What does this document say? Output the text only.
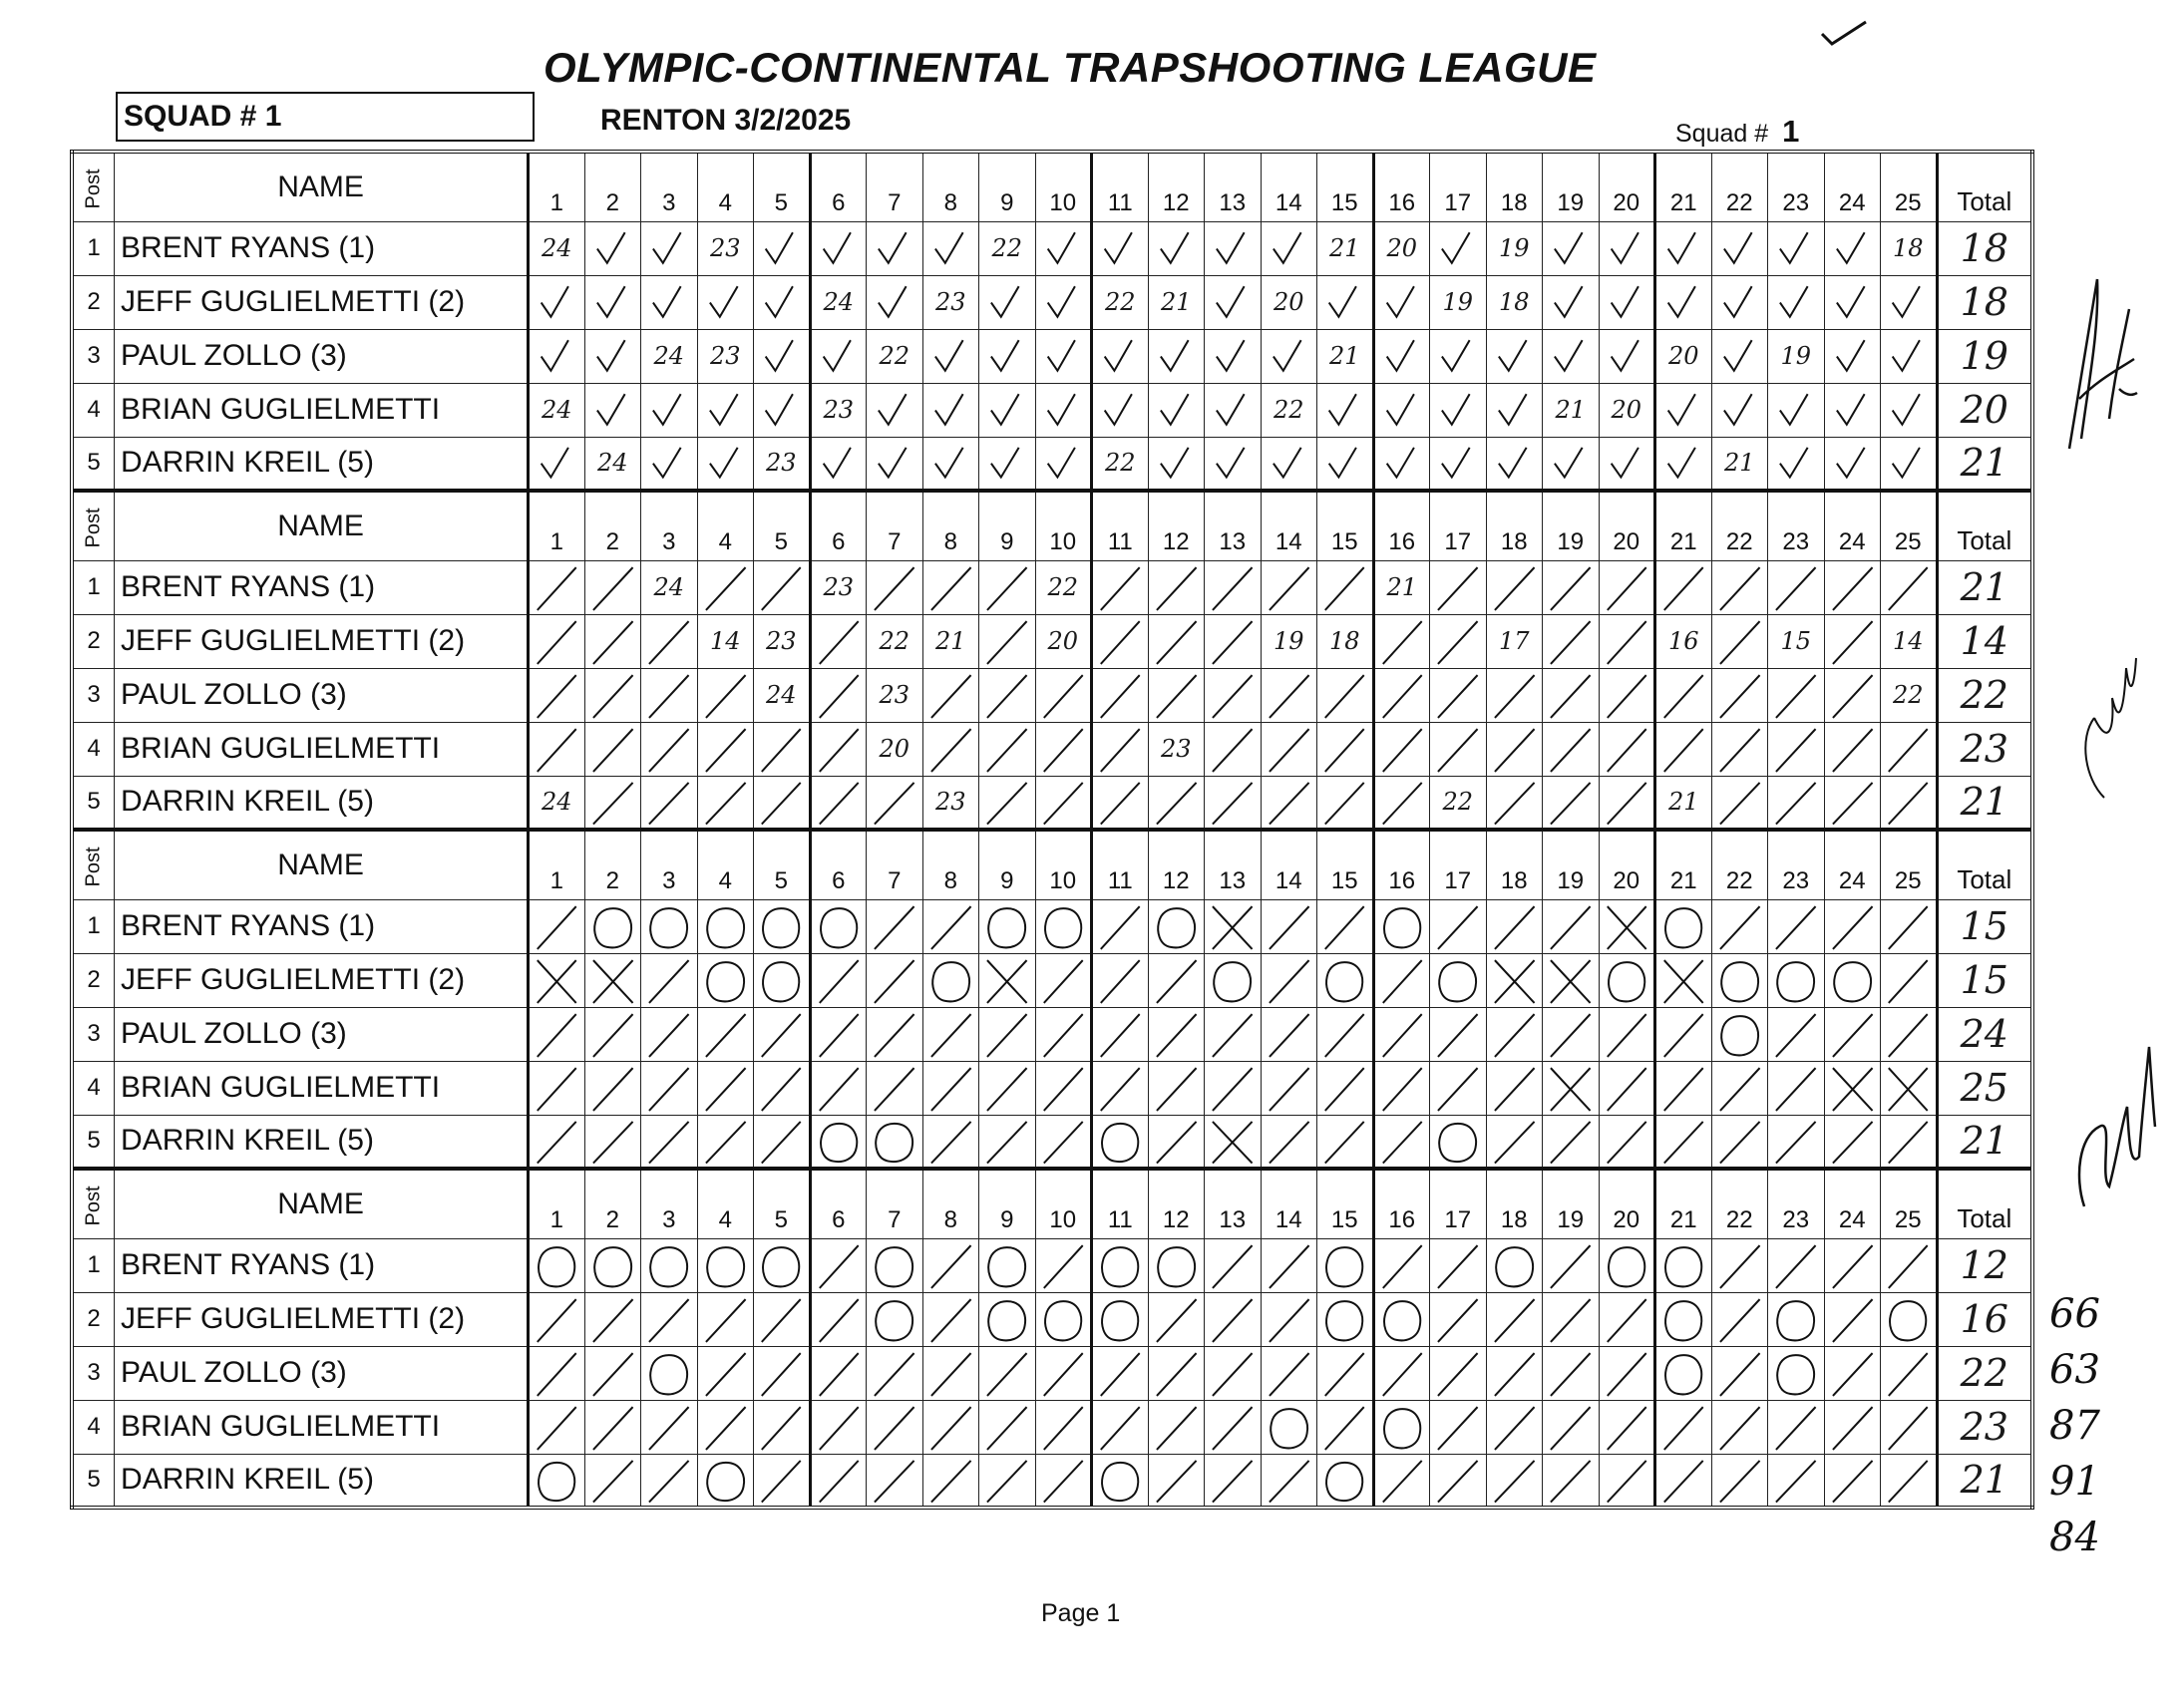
OLYMPIC-CONTINENTAL TRAPSHOOTING LEAGUE
SQUAD # 1	RENTON 3/2/2025	Squad # 1
Post	NAME	1	2	3	4	5	6	7	8	9	10	11	12	13	14	15	16	17	18	19	20	21	22	23	24	25	Total
1	BRENT RYANS (1)	24			23					22						21	20		19							18	18
2	JEFF GUGLIELMETTI (2)						24		23			22	21		20			19	18								18
3	PAUL ZOLLO (3)			24	23			22								21						20		19			19
4	BRIAN GUGLIELMETTI	24					23								22					21	20						20
5	DARRIN KREIL (5)		24			23						22											21				21
Post	NAME	1	2	3	4	5	6	7	8	9	10	11	12	13	14	15	16	17	18	19	20	21	22	23	24	25	Total
1	BRENT RYANS (1)			24			23				22						21										21
2	JEFF GUGLIELMETTI (2)				14	23		22	21		20				19	18			17			16		15		14	14
3	PAUL ZOLLO (3)					24		23																		22	22
4	BRIAN GUGLIELMETTI							20					23														23
5	DARRIN KREIL (5)	24							23									22				21					21
Post	NAME	1	2	3	4	5	6	7	8	9	10	11	12	13	14	15	16	17	18	19	20	21	22	23	24	25	Total
1	BRENT RYANS (1)																										15
2	JEFF GUGLIELMETTI (2)																										15
3	PAUL ZOLLO (3)																										24
4	BRIAN GUGLIELMETTI																										25
5	DARRIN KREIL (5)																										21
Post	NAME	1	2	3	4	5	6	7	8	9	10	11	12	13	14	15	16	17	18	19	20	21	22	23	24	25	Total
1	BRENT RYANS (1)																										12
2	JEFF GUGLIELMETTI (2)																										16
3	PAUL ZOLLO (3)																										22
4	BRIAN GUGLIELMETTI																										23
5	DARRIN KREIL (5)																										21
66
63
87
91
84
Page 1
